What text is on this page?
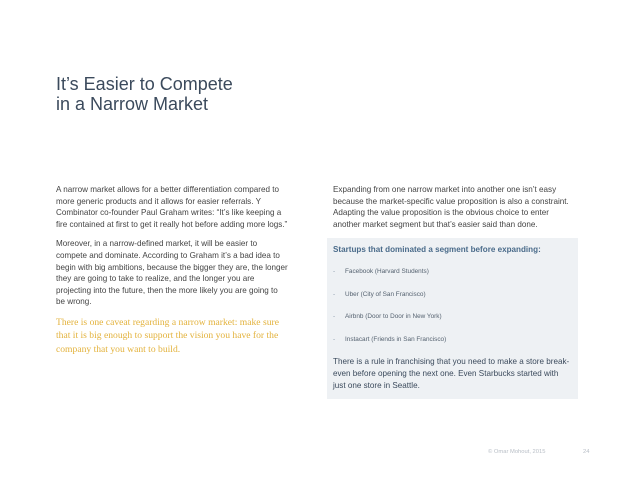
It’s Easier to Compete
in a Narrow Market

A narrow market allows for a better differentiation compared to more generic products and it allows for easier referrals. Y Combinator co-founder Paul Graham writes: “It’s like keeping a fire contained at first to get it really hot before adding more logs.”

Moreover, in a narrow-defined market, it will be easier to compete and dominate. According to Graham it’s a bad idea to begin with big ambitions, because the bigger they are, the longer they are going to take to realize, and the longer you are projecting into the future, then the more likely you are going to be wrong.

There is one caveat regarding a narrow market: make sure that it is big enough to support the vision you have for the company that you want to build.

Expanding from one narrow market into another one isn’t easy because the market-specific value proposition is also a constraint. Adapting the value proposition is the obvious choice to enter another market segment but that’s easier said than done.

Startups that dominated a segment before expanding:
-	Facebook (Harvard Students)
-	Uber (City of San Francisco)
-	Airbnb (Door to Door in New York)
-	Instacart (Friends in San Francisco)
There is a rule in franchising that you need to make a store break-even before opening the next one. Even Starbucks started with just one store in Seattle.
© Omar Mohout, 2015	24
